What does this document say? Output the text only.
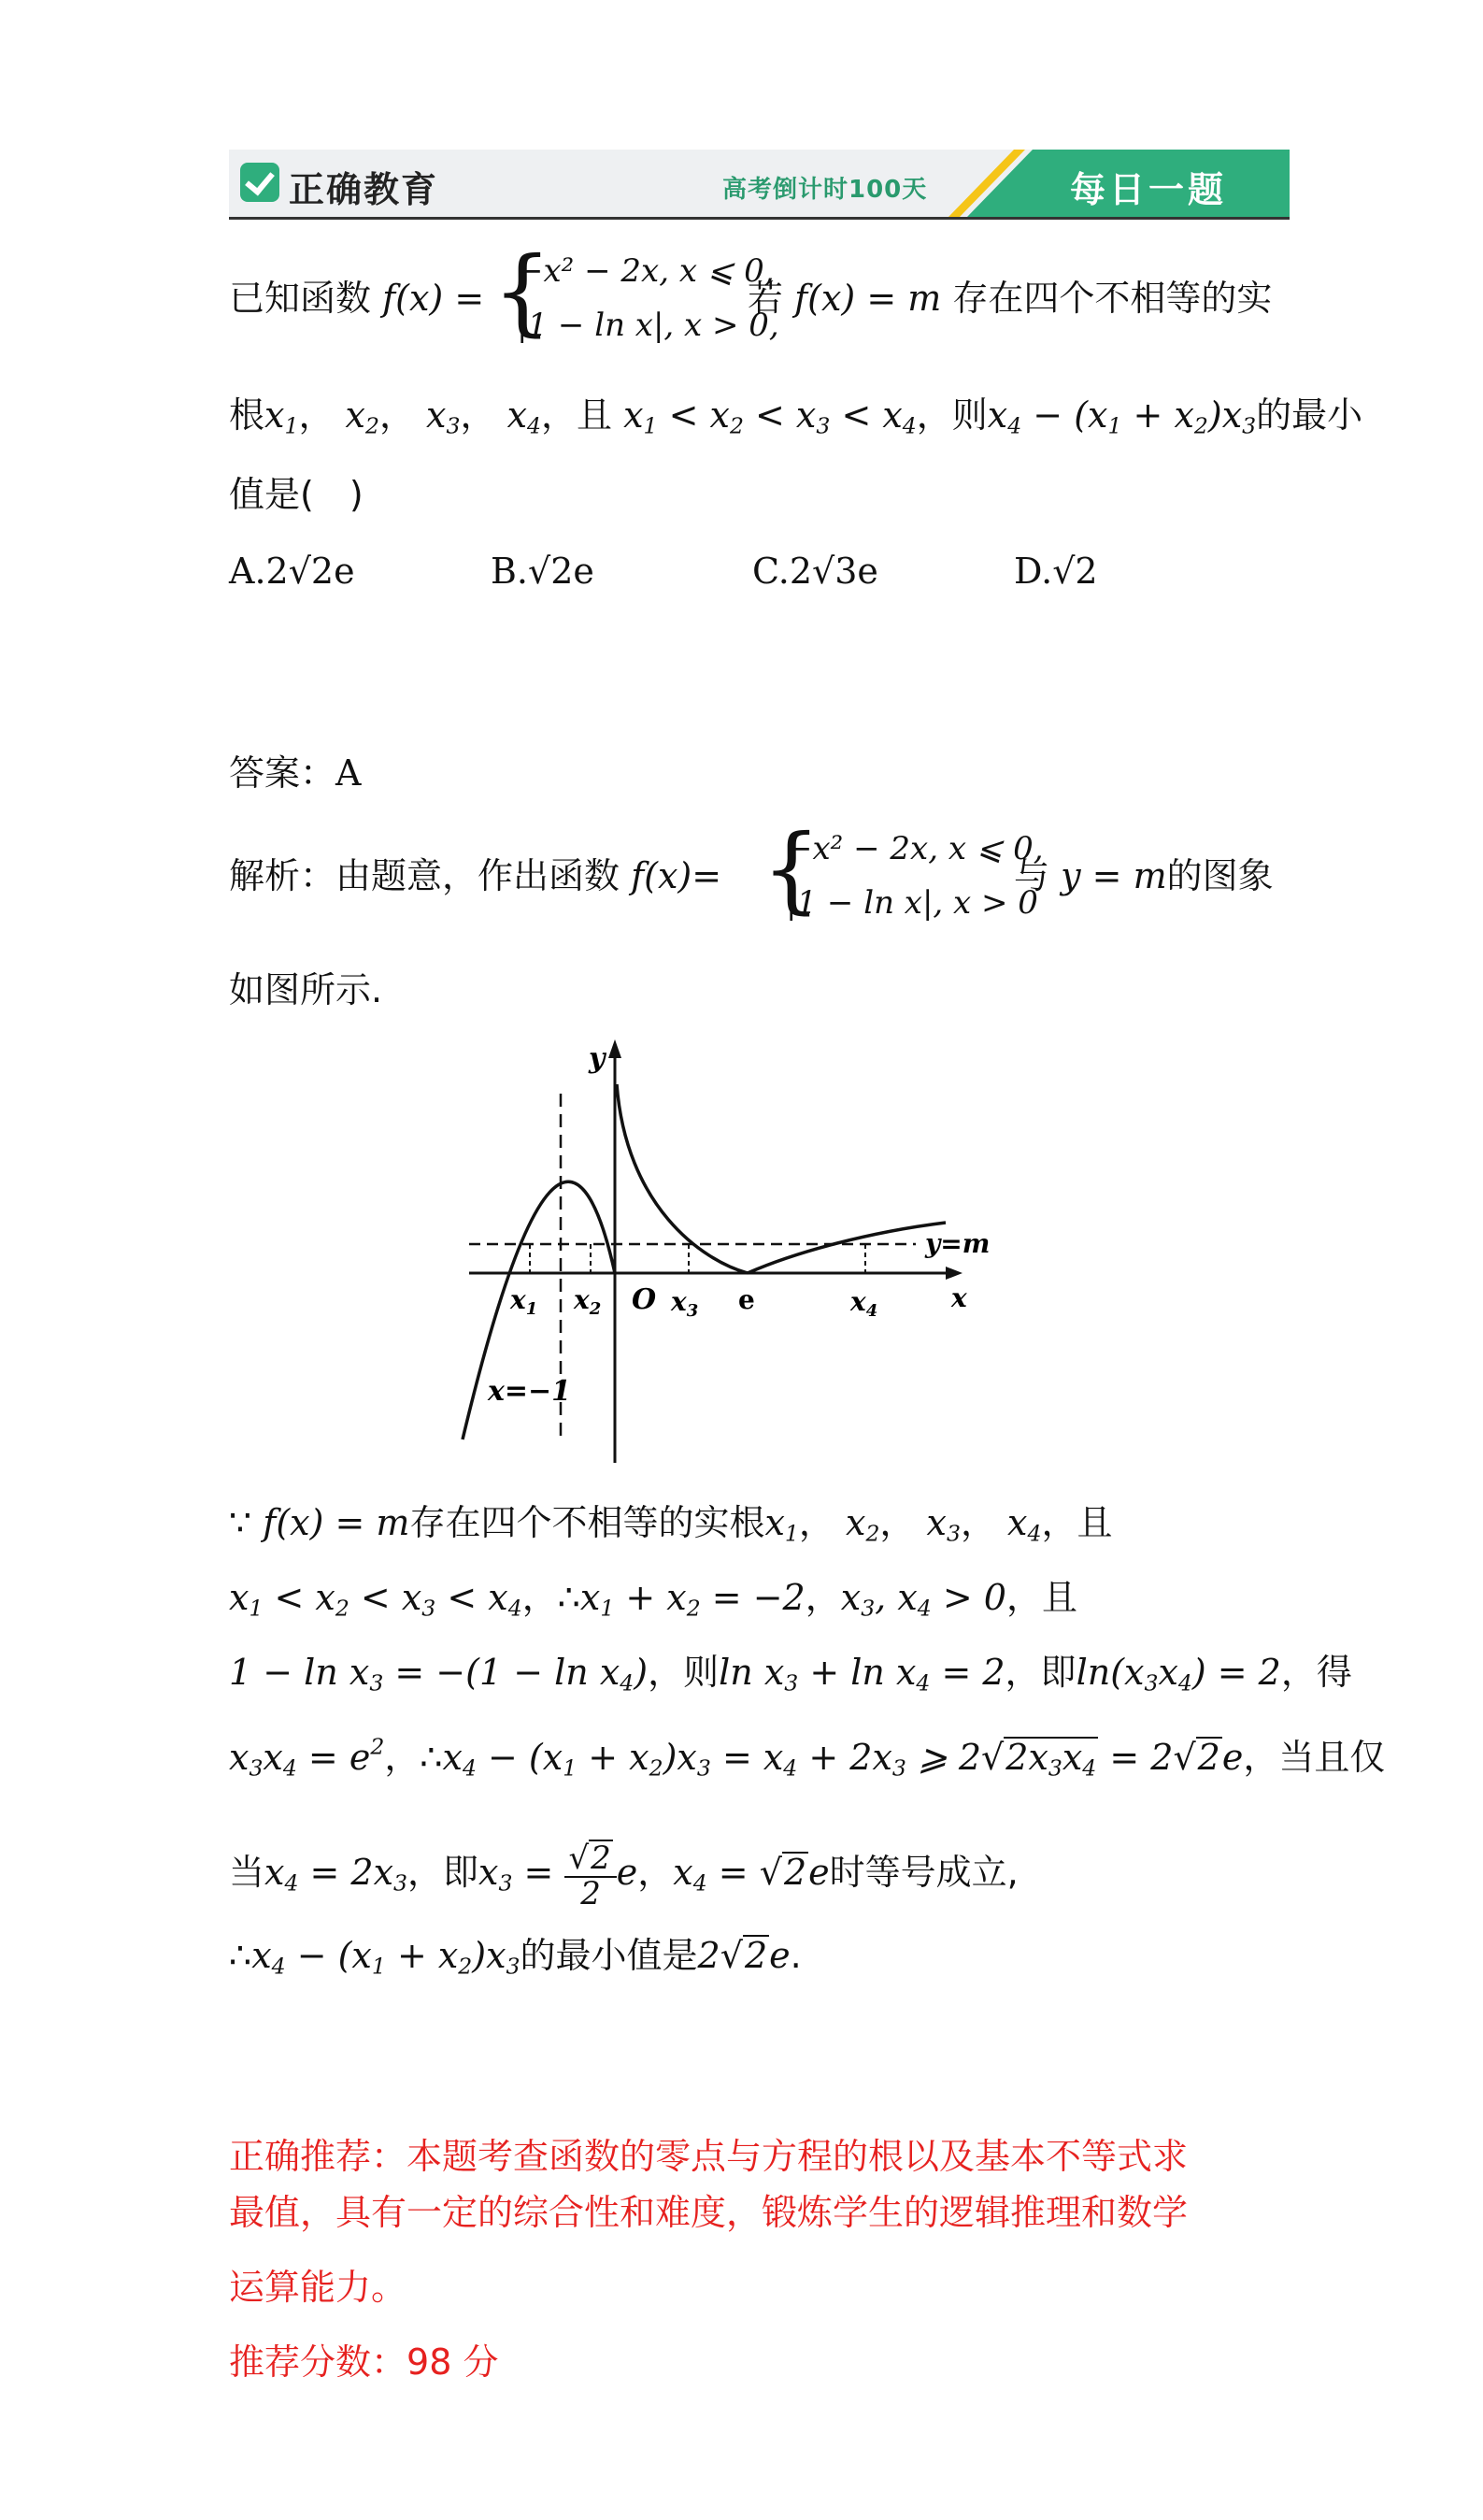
正确教育	高考倒计时100天	每日一题
已知函数 f(x) = {
−x² − 2x, x ⩽ 0,
|1 − ln x|, x > 0,
若 f(x) = m 存在四个不相等的实
根$x_1$， $x_2$， $x_3$， $x_4$，且 $x_1 < x_2 < x_3 < x_4$，则$x_4 - (x_1 + x_2)x_3$的最小
值是(　)
A.2√2e	B.√2e	C.2√3e	D.√2
答案：A
解析：由题意，作出函数 f(x)= {
−x² − 2x, x ⩽ 0,
|1 − ln x|, x > 0
与 y = m的图象
如图所示.
y
x
O	e
y=m
x=−1
$x_1$ $x_2$	$x_3$	$x_4$
∵ f(x) = m存在四个不相等的实根$x_1$， $x_2$， $x_3$， $x_4$，且
$x_1 < x_2 < x_3 < x_4$，$\therefore x_1 + x_2 = -2$，$x_3$, $x_4 > 0$，且
$1 - \ln x_3 = -(1 - \ln x_4)$，则$\ln x_3 + \ln x_4 = 2$，即$\ln(x_3x_4) = 2$，得
$x_3x_4 = e^2$，$\therefore x_4 - (x_1 + x_2)x_3 = x_4 + 2x_3$ ⩾ $2√2x_3x_4 = 2√2e$，当且仅
当$x_4 = 2x_3$，即$x_3 = \frac{√2}{2}$ e，$x_4 = √2e$时等号成立,
$\therefore x_4 - (x_1 + x_2)x_3$的最小值是2√2e.
正确推荐：本题考查函数的零点与方程的根以及基本不等式求
最值，具有一定的综合性和难度，锻炼学生的逻辑推理和数学
运算能力。
推荐分数：98 分
